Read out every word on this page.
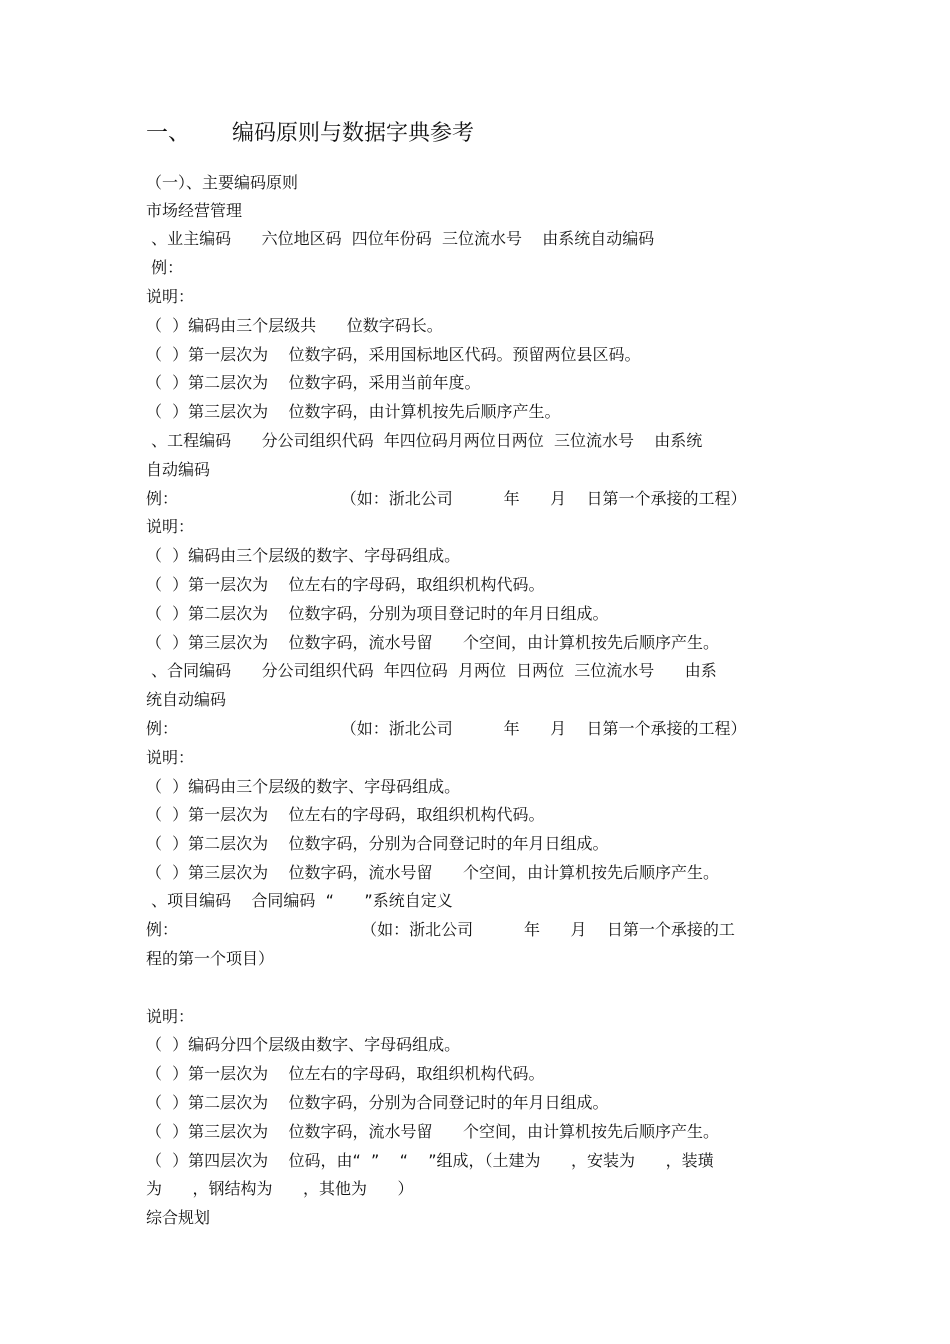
一、      编码原则与数据字典参考
（一）、主要编码原则
市场经营管理
、业主编码      六位地区码  四位年份码  三位流水号    由系统自动编码
例：
说明：
（  ）编码由三个层级共      位数字码长。
（  ）第一层次为    位数字码，采用国标地区代码。预留两位县区码。
（  ）第二层次为    位数字码，采用当前年度。
（  ）第三层次为    位数字码，由计算机按先后顺序产生。
、工程编码      分公司组织代码  年四位码月两位日两位  三位流水号    由系统
自动编码
例：                                （如：浙北公司          年      月    日第一个承接的工程）
说明：
（  ）编码由三个层级的数字、字母码组成。
（  ）第一层次为    位左右的字母码，取组织机构代码。
（  ）第二层次为    位数字码，分别为项目登记时的年月日组成。
（  ）第三层次为    位数字码，流水号留      个空间，由计算机按先后顺序产生。
、合同编码      分公司组织代码  年四位码  月两位  日两位  三位流水号      由系
统自动编码
例：                                （如：浙北公司          年      月    日第一个承接的工程）
说明：
（  ）编码由三个层级的数字、字母码组成。
（  ）第一层次为    位左右的字母码，取组织机构代码。
（  ）第二层次为    位数字码，分别为合同登记时的年月日组成。
（  ）第三层次为    位数字码，流水号留      个空间，由计算机按先后顺序产生。
、项目编码    合同编码  “      ”系统自定义
例：                                    （如：浙北公司          年      月    日第一个承接的工
程的第一个项目）
说明：
（  ）编码分四个层级由数字、字母码组成。
（  ）第一层次为    位左右的字母码，取组织机构代码。
（  ）第二层次为    位数字码，分别为合同登记时的年月日组成。
（  ）第三层次为    位数字码，流水号留      个空间，由计算机按先后顺序产生。
（  ）第四层次为    位码，由“  ”    “    ”组成，（土建为      ，安装为      ，装璜
为      ，钢结构为      ，其他为      ）
综合规划
